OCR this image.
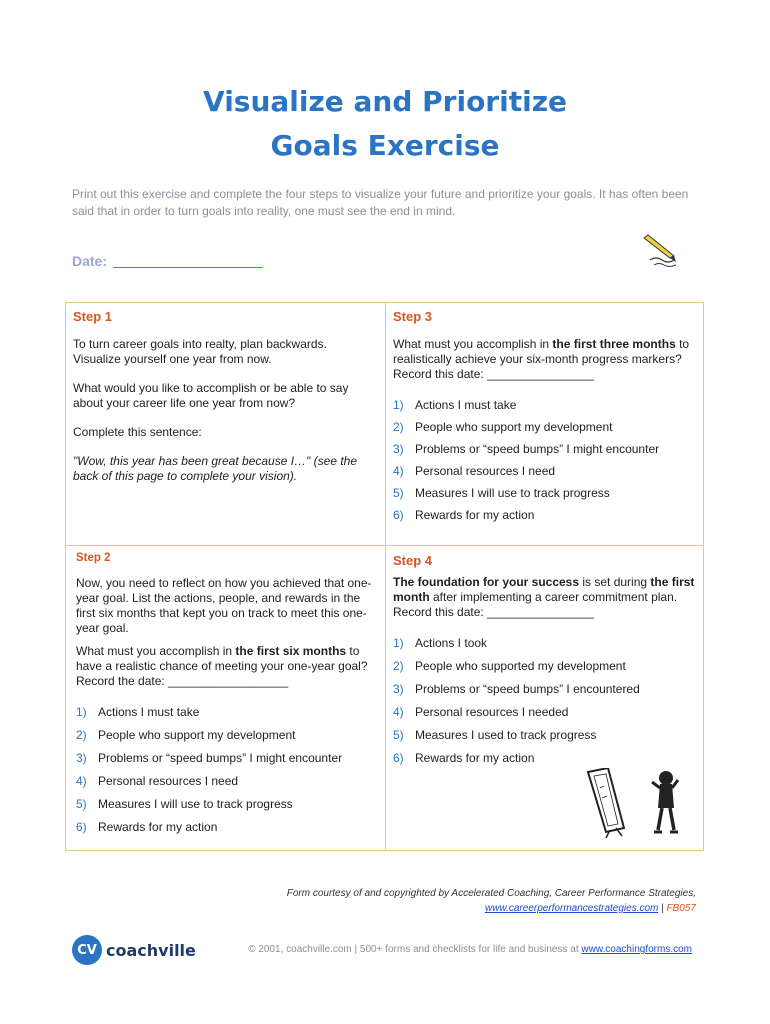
Visualize and Prioritize
Goals Exercise
Print out this exercise and complete the four steps to visualize your future and prioritize your goals. It has often been said that in order to turn goals into reality, one must see the end in mind.
Date:
Step 1

To turn career goals into realty, plan backwards. Visualize yourself one year from now.

What would you like to accomplish or be able to say about your career life one year from now?

Complete this sentence:

"Wow, this year has been great because I…" (see the back of this page to complete your vision).

Step 3

What must you accomplish in the first three months to realistically achieve your six-month progress markers? Record this date: ________________

1) Actions I must take
2) People who support my development
3) Problems or “speed bumps” I might encounter
4) Personal resources I need
5) Measures I will use to track progress
6) Rewards for my action
Step 2

Now, you need to reflect on how you achieved that one-year goal. List the actions, people, and rewards in the first six months that kept you on track to meet this one-year goal.

What must you accomplish in the first six months to have a realistic chance of meeting your one-year goal? Record the date: __________________

1) Actions I must take
2) People who support my development
3) Problems or “speed bumps” I might encounter
4) Personal resources I need
5) Measures I will use to track progress
6) Rewards for my action
Step 4

The foundation for your success is set during the first month after implementing a career commitment plan. Record this date: ________________

1) Actions I took
2) People who supported my development
3) Problems or “speed bumps” I encountered
4) Personal resources I needed
5) Measures I used to track progress
6) Rewards for my action
Form courtesy of and copyrighted by Accelerated Coaching, Career Performance Strategies,
www.careerperformancestrategies.com | FB057
CV coachville	© 2001, coachville.com | 500+ forms and checklists for life and business at www.coachingforms.com
